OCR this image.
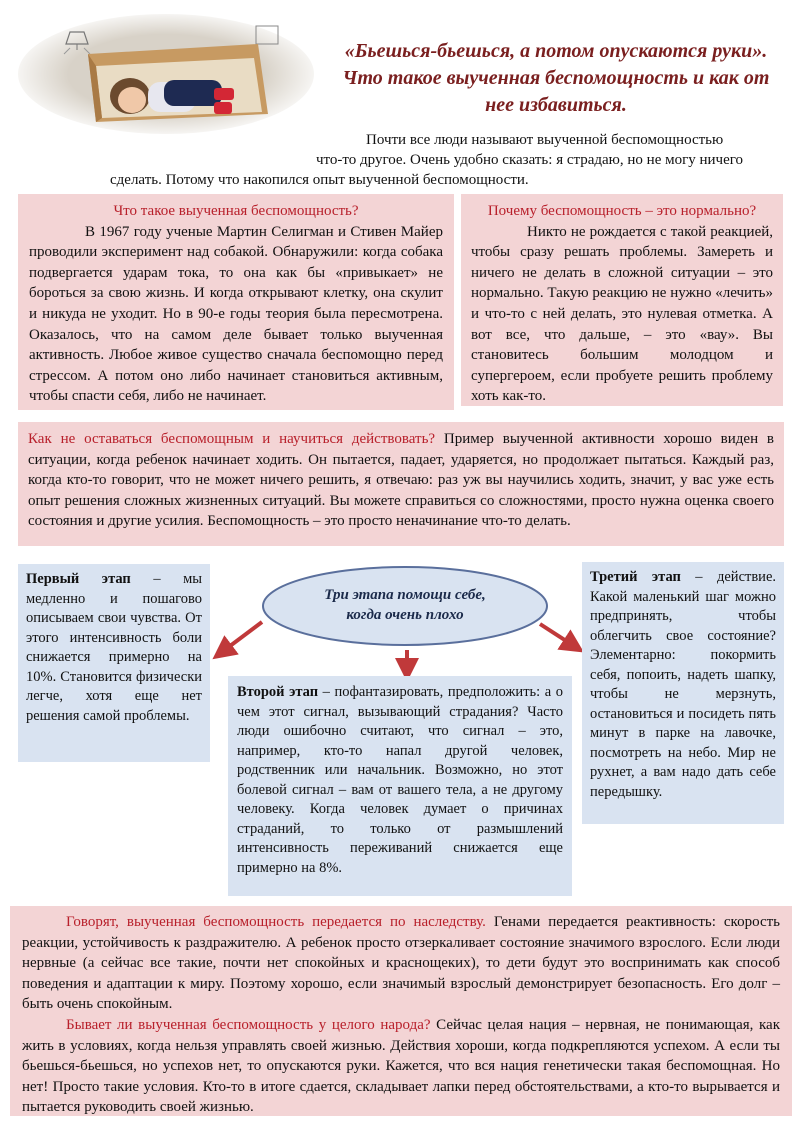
«Бьешься-бьешься, а потом опускаются руки».
Что такое выученная беспомощность и как от
нее избавиться.
Почти все люди называют выученной беспомощностью
что-то другое. Очень удобно сказать: я страдаю, но не могу ничего
сделать. Потому что накопился опыт выученной беспомощности.

Что такое выученная беспомощность?

В 1967 году ученые Мартин Селигман и Стивен Майер проводили эксперимент над собакой. Обнаружили: когда собака подвергается ударам тока, то она как бы «привыкает» не бороться за свою жизнь. И когда открывают клетку, она скулит и никуда не уходит. Но в 90-е годы теория была пересмотрена. Оказалось, что на самом деле бывает только выученная активность. Любое живое существо сначала беспомощно перед стрессом. А потом оно либо начинает становиться активным, чтобы спасти себя, либо не начинает.

Почему беспомощность – это нормально?

Никто не рождается с такой реакцией, чтобы сразу решать проблемы. Замереть и ничего не делать в сложной ситуации – это нормально. Такую реакцию не нужно «лечить» и что-то с ней делать, это нулевая отметка. А вот все, что дальше, – это «вау». Вы становитесь большим молодцом и супергероем, если пробуете решить проблему хоть как-то.

Как не оставаться беспомощным и научиться действовать? Пример выученной активности хорошо виден в ситуации, когда ребенок начинает ходить. Он пытается, падает, ударяется, но продолжает пытаться. Каждый раз, когда кто-то говорит, что не может ничего решить, я отвечаю: раз уж вы научились ходить, значит, у вас уже есть опыт решения сложных жизненных ситуаций. Вы можете справиться со сложностями, просто нужна оценка своего состояния и другие усилия. Беспомощность – это просто неначинание что-то делать.
Три этапа помощи себе,
когда очень плохо
Первый этап – мы медленно и пошагово описываем свои чувства. От этого интенсивность боли снижается примерно на 10%. Становится физически легче, хотя еще нет решения самой проблемы.
Второй этап – пофантазировать, предположить: а о чем этот сигнал, вызывающий страдания? Часто люди ошибочно считают, что сигнал – это, например, кто-то напал другой человек, родственник или начальник. Возможно, но этот болевой сигнал – вам от вашего тела, а не другому человеку. Когда человек думает о причинах страданий, то только от размышлений интенсивность переживаний снижается еще примерно на 8%.
Третий этап – действие. Какой маленький шаг можно предпринять, чтобы облегчить свое состояние? Элементарно: покормить себя, попоить, надеть шапку, чтобы не мерзнуть, остановиться и посидеть пять минут в парке на лавочке, посмотреть на небо. Мир не рухнет, а вам надо дать себе передышку.

Говорят, выученная беспомощность передается по наследству. Генами передается реактивность: скорость реакции, устойчивость к раздражителю. А ребенок просто отзеркаливает состояние значимого взрослого. Если люди нервные (а сейчас все такие, почти нет спокойных и краснощеких), то дети будут это воспринимать как способ поведения и адаптации к миру. Поэтому хорошо, если значимый взрослый демонстрирует безопасность. Его долг – быть очень спокойным.

Бывает ли выученная беспомощность у целого народа? Сейчас целая нация – нервная, не понимающая, как жить в условиях, когда нельзя управлять своей жизнью. Действия хороши, когда подкрепляются успехом. А если ты бьешься-бьешься, но успехов нет, то опускаются руки. Кажется, что вся нация генетически такая беспомощная. Но нет! Просто такие условия. Кто-то в итоге сдается, складывает лапки перед обстоятельствами, а кто-то вырывается и пытается руководить своей жизнью.
